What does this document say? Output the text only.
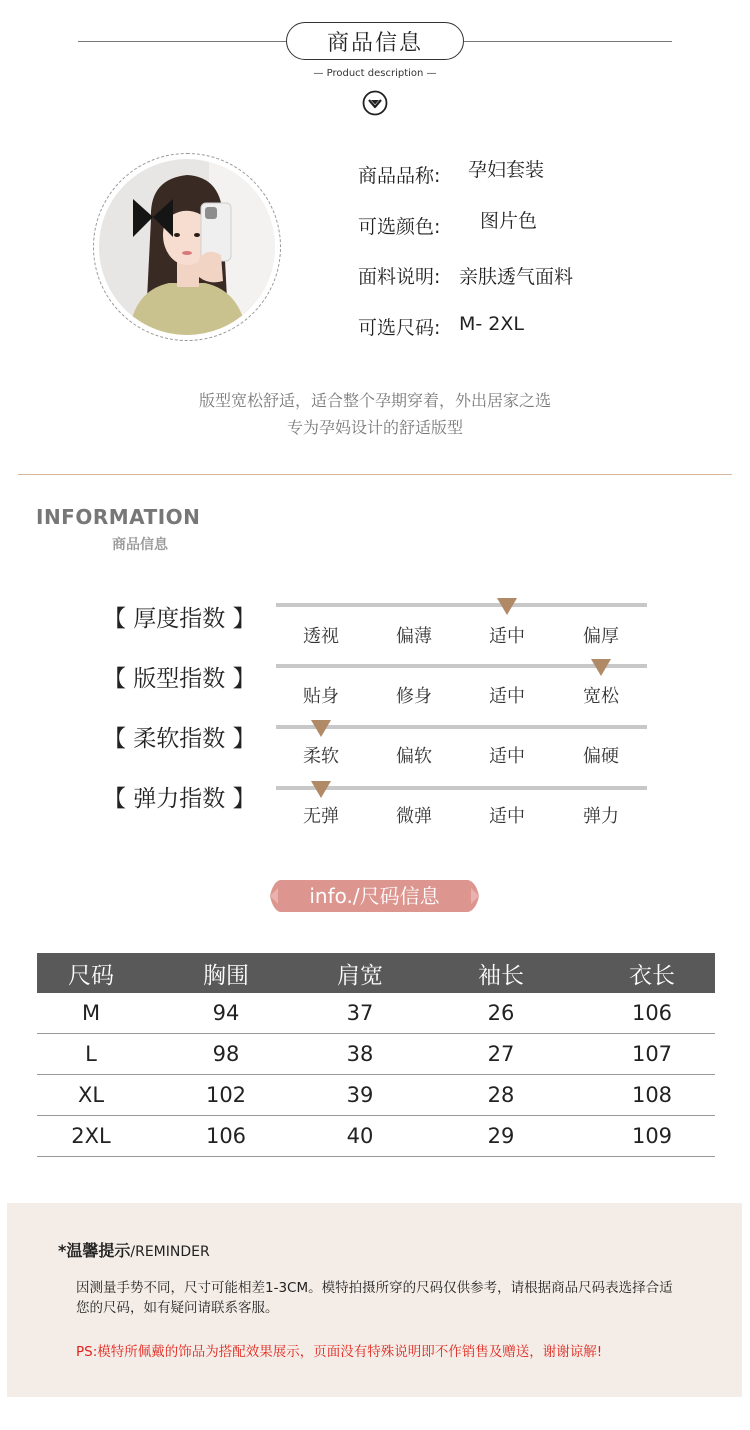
商品信息
— Product description —
商品品称: 孕妇套装
可选颜色: 图片色
面料说明: 亲肤透气面料
可选尺码: M- 2XL
版型宽松舒适，适合整个孕期穿着，外出居家之选
专为孕妈设计的舒适版型
INFORMATION
商品信息
【 厚度指数 】
透视	偏薄	适中	偏厚
【 版型指数 】
贴身	修身	适中	宽松
【 柔软指数 】
柔软	偏软	适中	偏硬
【 弹力指数 】
无弹	微弹	适中	弹力
info./尺码信息
尺码	胸围	肩宽	袖长	衣长
M	94	37	26	106
L	98	38	27	107
XL	102	39	28	108
2XL	106	40	29	109
*温馨提示/REMINDER
因测量手势不同，尺寸可能相差1-3CM。模特拍摄所穿的尺码仅供参考，请根据商品尺码表选择合适您的尺码，如有疑问请联系客服。
PS:模特所佩戴的饰品为搭配效果展示，页面没有特殊说明即不作销售及赠送，谢谢谅解!
